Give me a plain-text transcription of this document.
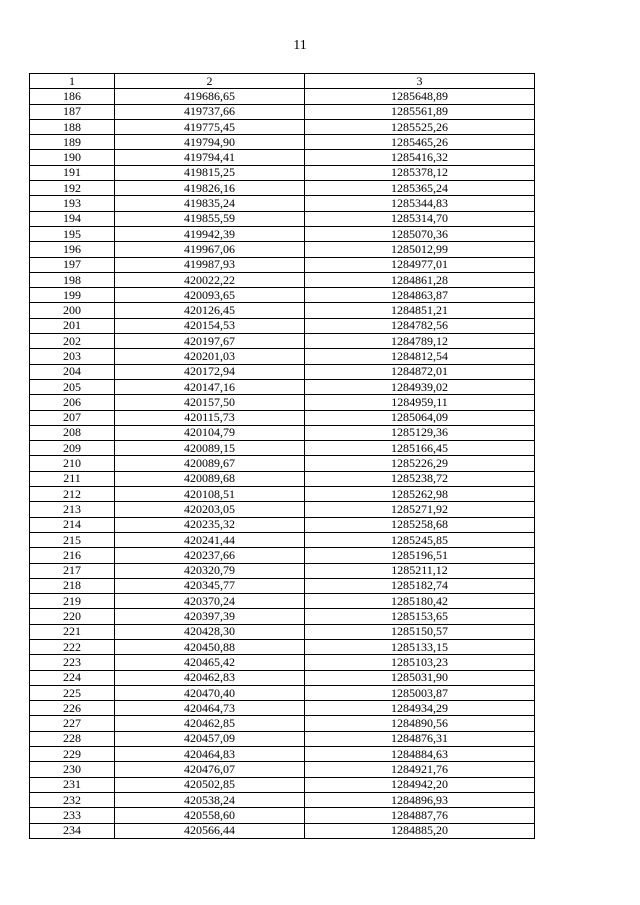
11
1	2	3
186	419686,65	1285648,89
187	419737,66	1285561,89
188	419775,45	1285525,26
189	419794,90	1285465,26
190	419794,41	1285416,32
191	419815,25	1285378,12
192	419826,16	1285365,24
193	419835,24	1285344,83
194	419855,59	1285314,70
195	419942,39	1285070,36
196	419967,06	1285012,99
197	419987,93	1284977,01
198	420022,22	1284861,28
199	420093,65	1284863,87
200	420126,45	1284851,21
201	420154,53	1284782,56
202	420197,67	1284789,12
203	420201,03	1284812,54
204	420172,94	1284872,01
205	420147,16	1284939,02
206	420157,50	1284959,11
207	420115,73	1285064,09
208	420104,79	1285129,36
209	420089,15	1285166,45
210	420089,67	1285226,29
211	420089,68	1285238,72
212	420108,51	1285262,98
213	420203,05	1285271,92
214	420235,32	1285258,68
215	420241,44	1285245,85
216	420237,66	1285196,51
217	420320,79	1285211,12
218	420345,77	1285182,74
219	420370,24	1285180,42
220	420397,39	1285153,65
221	420428,30	1285150,57
222	420450,88	1285133,15
223	420465,42	1285103,23
224	420462,83	1285031,90
225	420470,40	1285003,87
226	420464,73	1284934,29
227	420462,85	1284890,56
228	420457,09	1284876,31
229	420464,83	1284884,63
230	420476,07	1284921,76
231	420502,85	1284942,20
232	420538,24	1284896,93
233	420558,60	1284887,76
234	420566,44	1284885,20
